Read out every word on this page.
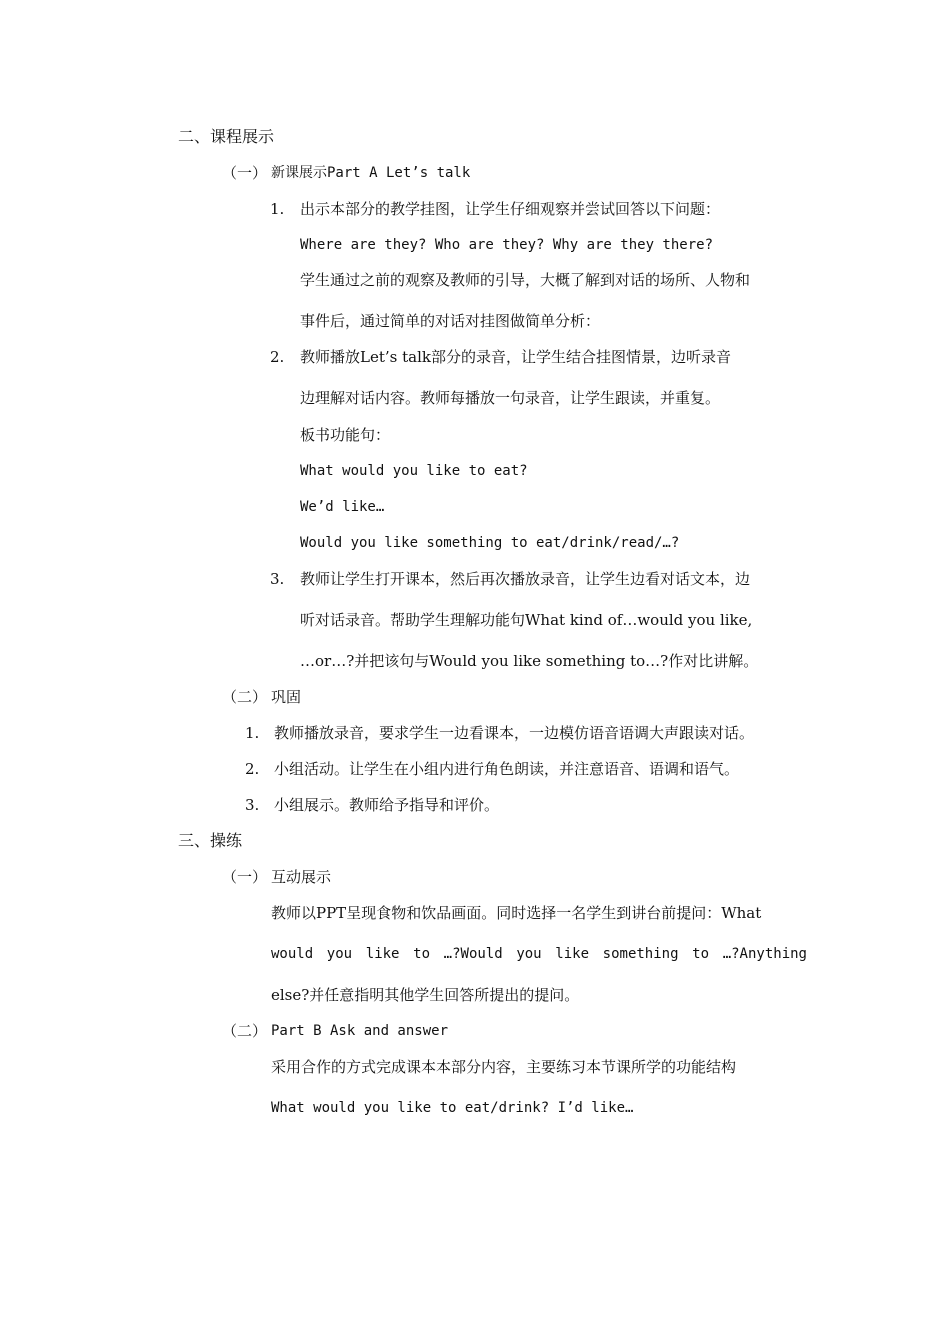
二、课程展示
（一） 新课展示Part A Let’s talk
1. 出示本部分的教学挂图，让学生仔细观察并尝试回答以下问题：
Where are they? Who are they? Why are they there?
学生通过之前的观察及教师的引导，大概了解到对话的场所、人物和
事件后，通过简单的对话对挂图做简单分析：
2. 教师播放Let’s talk部分的录音，让学生结合挂图情景，边听录音
边理解对话内容。教师每播放一句录音，让学生跟读，并重复。
板书功能句：
What would you like to eat?
We’d like…
Would you like something to eat/drink/read/…?
3. 教师让学生打开课本，然后再次播放录音，让学生边看对话文本，边
听对话录音。帮助学生理解功能句What kind of…would you like,
…or…?并把该句与Would you like something to…?作对比讲解。
（二） 巩固
1. 教师播放录音，要求学生一边看课本，一边模仿语音语调大声跟读对话。
2. 小组活动。让学生在小组内进行角色朗读，并注意语音、语调和语气。
3. 小组展示。教师给予指导和评价。
三、操练
（一） 互动展示
教师以PPT呈现食物和饮品画面。同时选择一名学生到讲台前提问：What
would you like to …?Would you like something to …?Anything
else?并任意指明其他学生回答所提出的提问。
（二） Part B Ask and answer
采用合作的方式完成课本本部分内容，主要练习本节课所学的功能结构
What would you like to eat/drink? I’d like…
